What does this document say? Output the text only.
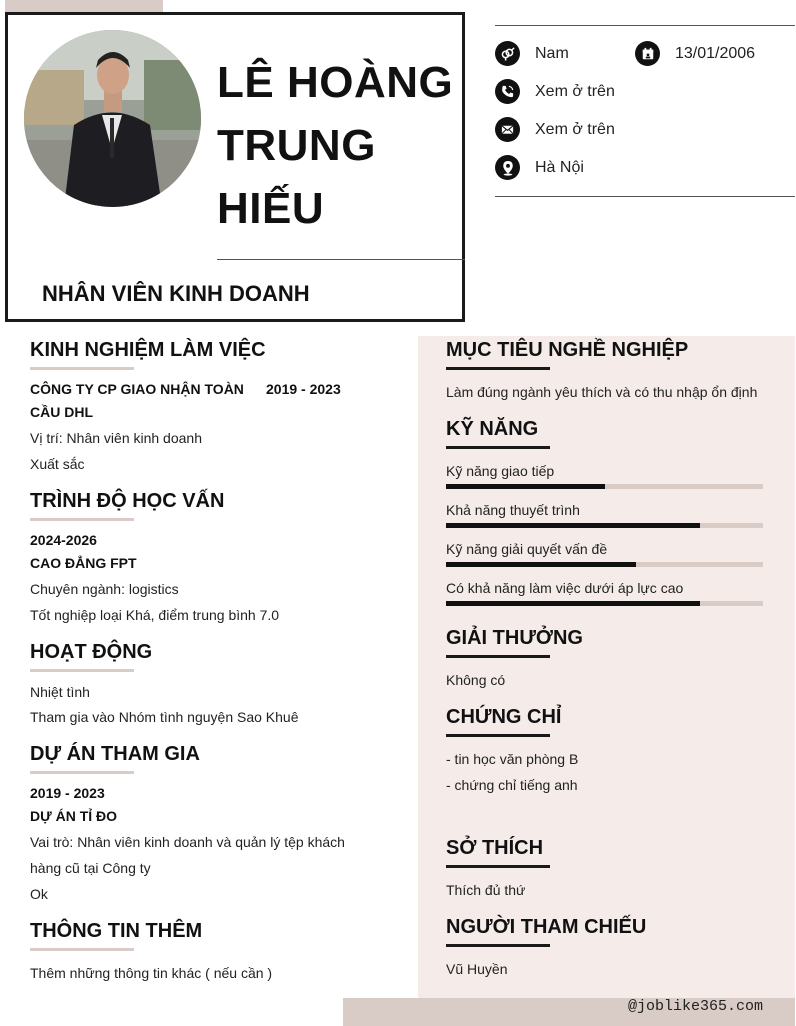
LÊ HOÀNG
TRUNG
HIẾU
NHÂN VIÊN KINH DOANH
Nam	13/01/2006
Xem ở trên
Xem ở trên
Hà Nội
@joblike365.com
KINH NGHIỆM LÀM VIỆC
CÔNG TY CP GIAO NHẬN TOÀN 2019 - 2023
CẦU DHL
Vị trí: Nhân viên kinh doanh
Xuất sắc
TRÌNH ĐỘ HỌC VẤN
2024-2026
CAO ĐẲNG FPT
Chuyên ngành: logistics
Tốt nghiệp loại Khá, điểm trung bình 7.0
HOẠT ĐỘNG
Nhiệt tình
Tham gia vào Nhóm tình nguyện Sao Khuê
DỰ ÁN THAM GIA
2019 - 2023
DỰ ÁN TỈ ĐO
Vai trò: Nhân viên kinh doanh và quản lý tệp khách
hàng cũ tại Công ty
Ok
THÔNG TIN THÊM
Thêm những thông tin khác ( nếu cần )
MỤC TIÊU NGHỀ NGHIỆP
Làm đúng ngành yêu thích và có thu nhập ổn định
KỸ NĂNG
Kỹ năng giao tiếp
Khả năng thuyết trình
Kỹ năng giải quyết vấn đề
Có khả năng làm việc dưới áp lực cao
GIẢI THƯỞNG
Không có
CHỨNG CHỈ
- tin học văn phòng B
- chứng chỉ tiếng anh
SỞ THÍCH
Thích đủ thứ
NGƯỜI THAM CHIẾU
Vũ Huyền
